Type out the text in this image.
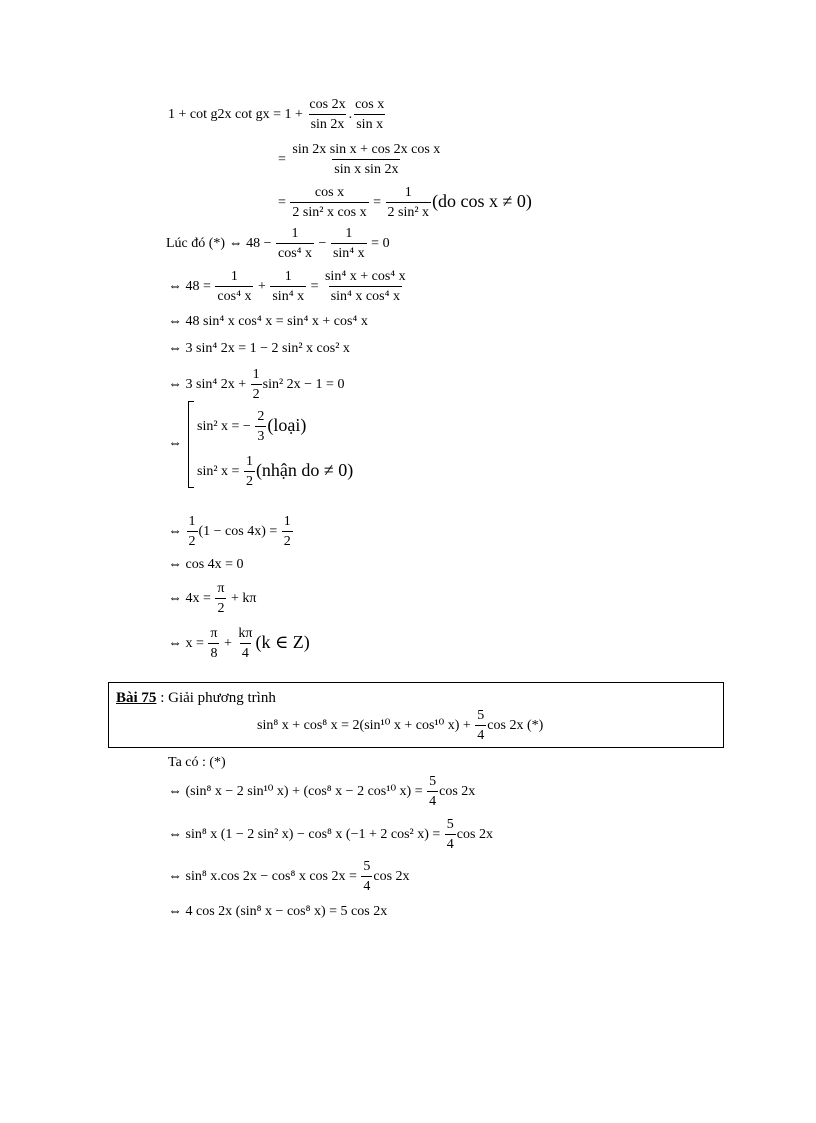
1 + cot g2x cot gx = $1 + \frac{\cos 2x}{\sin 2x}$ . $\frac{\text{cos x}}{\text{sin x}}$
= $\frac{\text{sin 2x sin x + cos 2x cos x}}{\text{sin x sin 2x}}$
= $\frac{\text{cos x}}{\text{2 sin² x cos x}} = \frac{1}{\text{2 sin² x}} (do$ cos x ≠ 0)
Lúc đó (*) ⇔ $48 - \frac{1}{\text{cos⁴ x}} - \frac{1}{\text{sin⁴ x}} = 0$
⇔ $48 = \frac{1}{\text{cos⁴ x}} + \frac{1}{\text{sin⁴ x}} = \frac{\text{sin⁴ x + cos⁴ x}}{\text{sin⁴ x cos⁴ x}}$
⇔ 48 sin⁴ x cos⁴ x = sin⁴ x + cos⁴ x
⇔ 3 sin⁴ 2x = 1 − 2 sin² x cos² x
⇔ 3 sin⁴ $2x + \frac{1}{2} \sin^2$ 2x − 1 = 0
⇔
sin² x = − $\frac{2}{3}$ (loại)
sin² $x = \frac{1}{2}$ (nhận do ≠ 0)
⇔ $\frac{1}{2} (1 - \cos 4x) = \frac{1}{2}$
⇔ cos 4x = 0
⇔ $4x = \frac{\pi}{2} + k\pi$
⇔ $x = \frac{\pi}{8} + \frac{k\pi}{4} (k$ ∈ Z)
Bài 75 : Giải phương trình
sin⁸ x + cos⁸ x = 2(sin¹⁰ x + cos¹⁰ $x) + \frac{5}{4}$ cos 2x (*)
Ta có : (*)
⇔ (sin⁸ x − 2 sin¹⁰ x) + (cos⁸ x − 2 cos¹⁰ $x) = \frac{5}{4}$ cos 2x
⇔ sin⁸ x (1 − 2 sin² x) − cos⁸ x (−1 + 2 cos² $x) = \frac{5}{4}$ cos 2x
⇔ sin⁸ x.cos 2x − cos⁸ x $\cos 2x = \frac{5}{4}$ cos 2x
⇔ 4 cos 2x (sin⁸ x − cos⁸ x) = 5 cos 2x
